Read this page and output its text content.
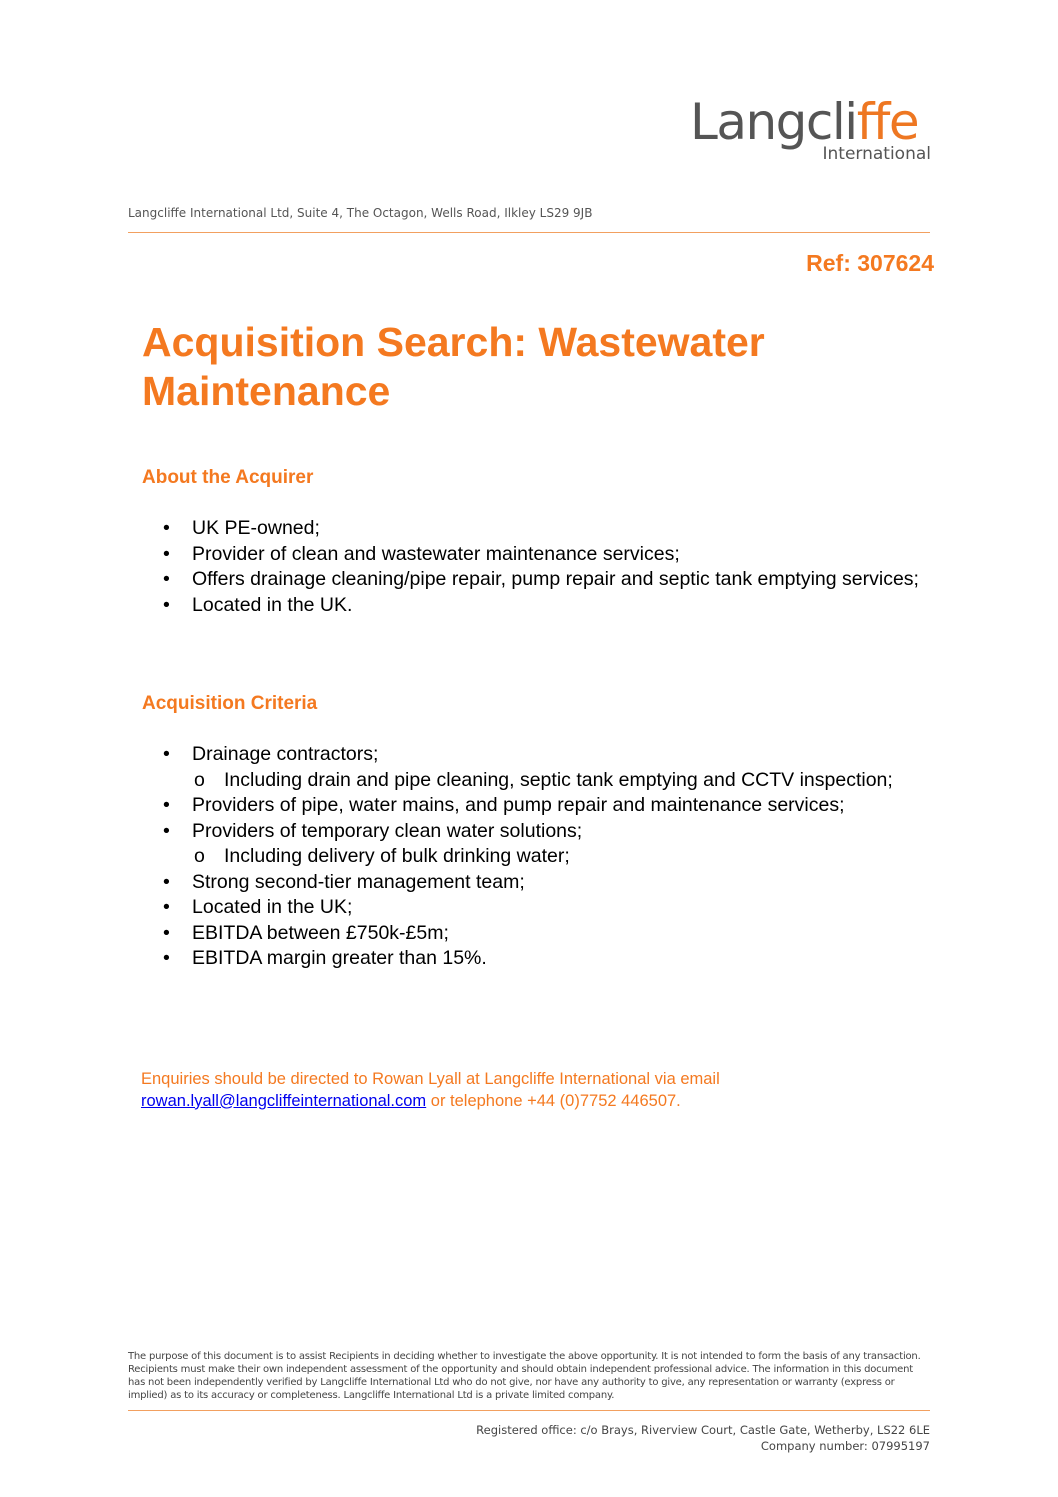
Langcliffe
International
Langcliffe International Ltd, Suite 4, The Octagon, Wells Road, Ilkley LS29 9JB
Ref: 307624
Acquisition Search: Wastewater Maintenance
About the Acquirer
• UK PE-owned;
• Provider of clean and wastewater maintenance services;
• Offers drainage cleaning/pipe repair, pump repair and septic tank emptying services;
• Located in the UK.
Acquisition Criteria
• Drainage contractors;
o Including drain and pipe cleaning, septic tank emptying and CCTV inspection;
• Providers of pipe, water mains, and pump repair and maintenance services;
• Providers of temporary clean water solutions;
o Including delivery of bulk drinking water;
• Strong second-tier management team;
• Located in the UK;
• EBITDA between £750k-£5m;
• EBITDA margin greater than 15%.
Enquiries should be directed to Rowan Lyall at Langcliffe International via email
rowan.lyall@langcliffeinternational.com or telephone +44 (0)7752 446507.
The purpose of this document is to assist Recipients in deciding whether to investigate the above opportunity. It is not intended to form the basis of any transaction. Recipients must make their own independent assessment of the opportunity and should obtain independent professional advice. The information in this document has not been independently verified by Langcliffe International Ltd who do not give, nor have any authority to give, any representation or warranty (express or implied) as to its accuracy or completeness. Langcliffe International Ltd is a private limited company.
Registered office: c/o Brays, Riverview Court, Castle Gate, Wetherby, LS22 6LE
Company number: 07995197
